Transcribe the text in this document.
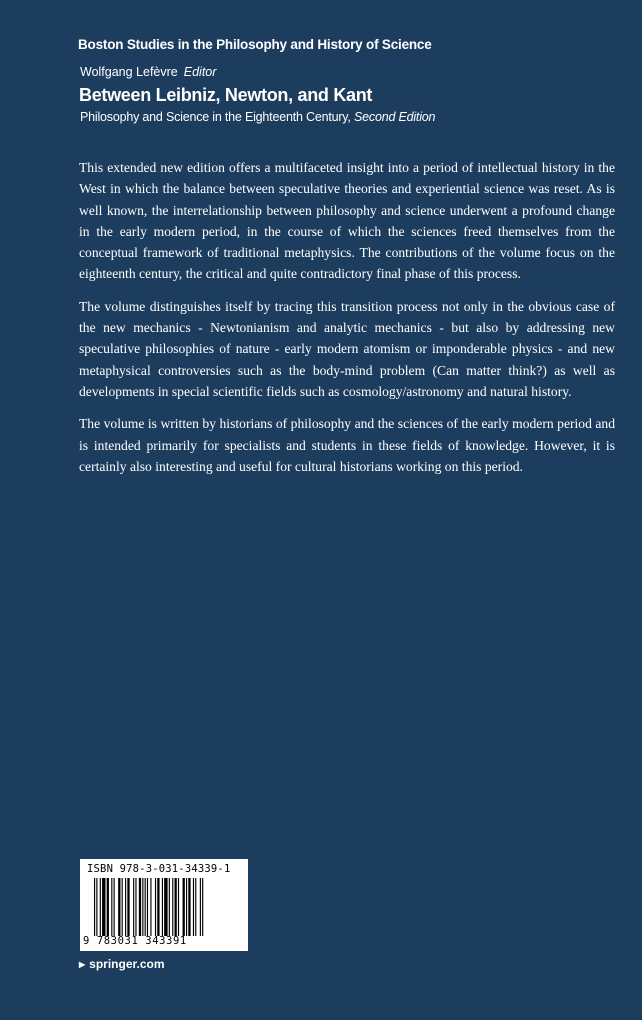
Boston Studies in the Philosophy and History of Science
Wolfgang Lefèvre Editor
Between Leibniz, Newton, and Kant
Philosophy and Science in the Eighteenth Century, Second Edition

This extended new edition offers a multifaceted insight into a period of intellectual history in the West in which the balance between speculative theories and experiential science was reset. As is well known, the interrelationship between philosophy and science underwent a profound change in the early modern period, in the course of which the sciences freed themselves from the conceptual framework of traditional metaphysics. The contributions of the volume focus on the eighteenth century, the critical and quite contradictory final phase of this process.

The volume distinguishes itself by tracing this transition process not only in the obvious case of the new mechanics - Newtonianism and analytic mechanics - but also by addressing new speculative philosophies of nature - early modern atomism or imponderable physics - and new metaphysical controversies such as the body-mind problem (Can matter think?) as well as developments in special scientific fields such as cosmology/astronomy and natural history.

The volume is written by historians of philosophy and the sciences of the early modern period and is intended primarily for specialists and students in these fields of knowledge. However, it is certainly also interesting and useful for cultural historians working on this period.

ISBN 978-3-031-34339-1
9 783031 343391
▶ springer.com
